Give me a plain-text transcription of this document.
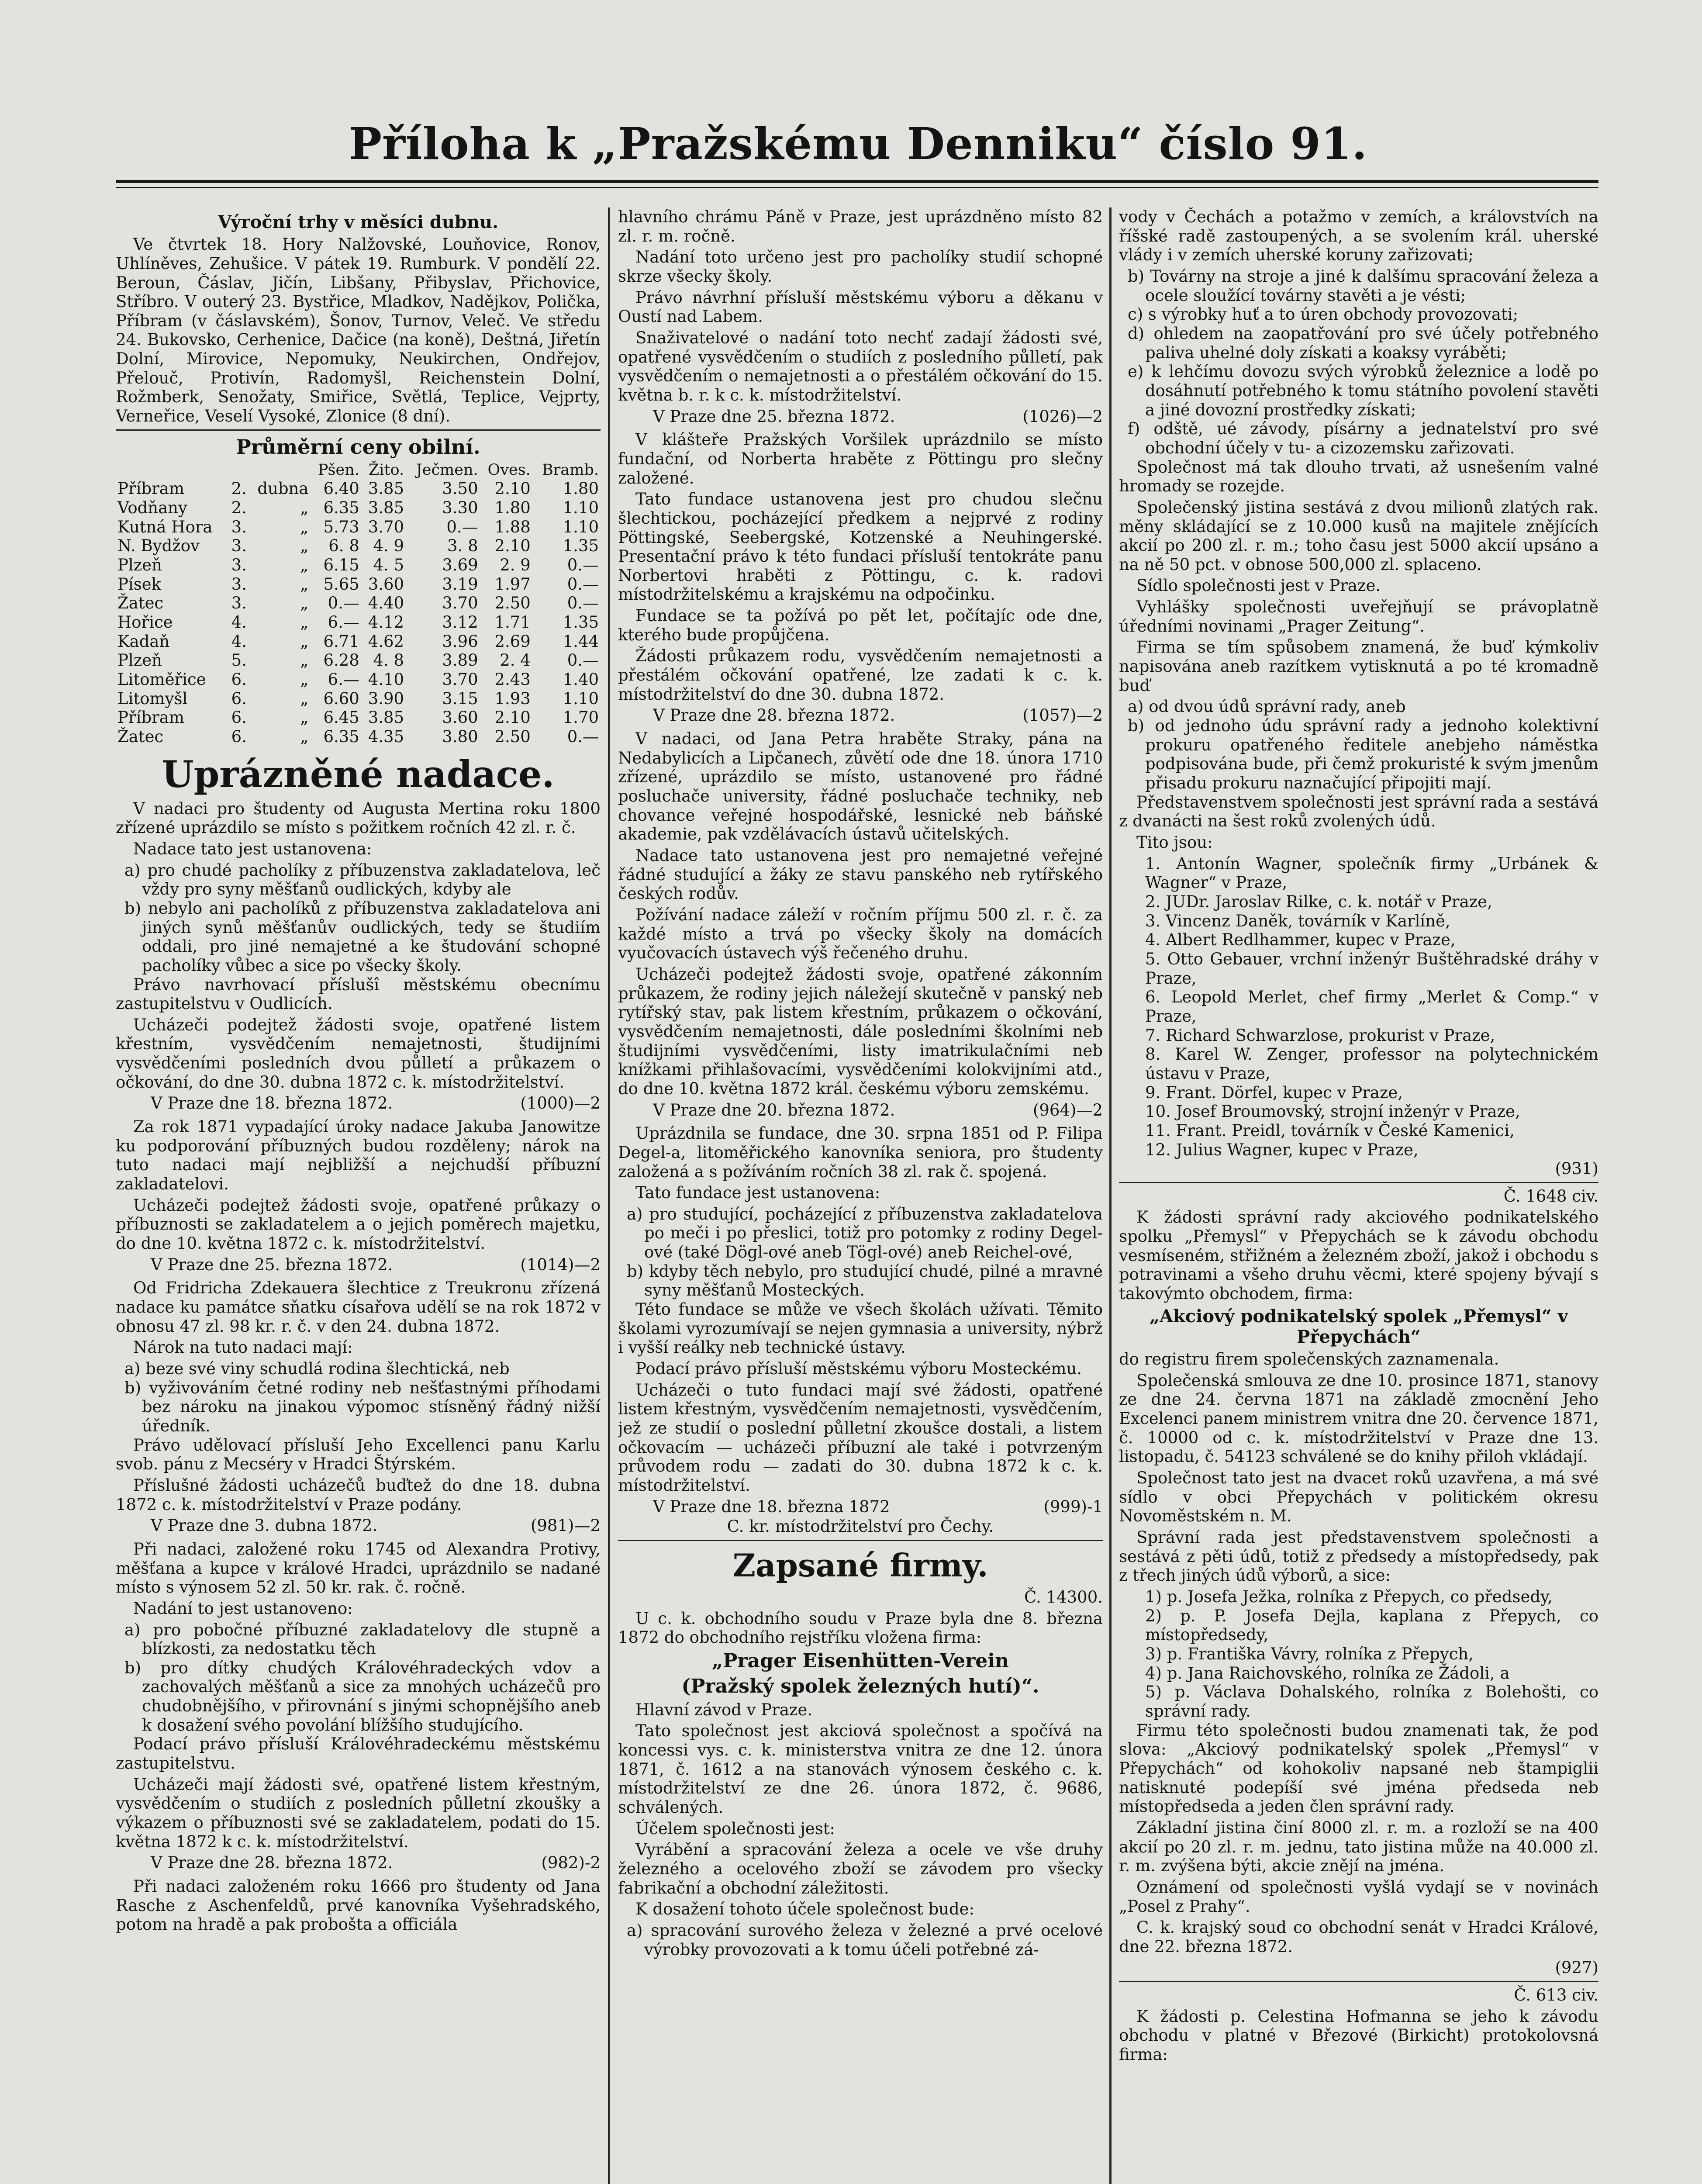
Příloha k „Pražskému Denniku“ číslo 91.
Výroční trhy v měsíci dubnu.

Ve čtvrtek 18. Hory Nalžovské, Louňovice, Ronov, Uhlíněves, Zehušice. V pátek 19. Rumburk. V pondělí 22. Beroun, Čáslav, Jičín, Libšany, Přibyslav, Přichovice, Stříbro. V outerý 23. Bystřice, Mladkov, Nadějkov, Polička, Příbram (v čáslavském), Šonov, Turnov, Veleč. Ve středu 24. Bukovsko, Cerhenice, Dačice (na koně), Deštná, Jiřetín Dolní, Mirovice, Nepomuky, Neukirchen, Ondřejov, Přelouč, Protivín, Radomyšl, Reichenstein Dolní, Rožmberk, Senožaty, Smiřice, Světlá, Teplice, Vejprty, Verneřice, Veselí Vysoké, Zlonice (8 dní).

Průměrní ceny obilní.
			Pšen.	Žito.	Ječmen.	Oves.	Bramb.
Příbram	2.	dubna	6.40	3.85	3.50	2.10	1.80
Vodňany	2.	„	6.35	3.85	3.30	1.80	1.10
Kutná Hora	3.	„	5.73	3.70	0.—	1.88	1.10
N. Bydžov	3.	„	6. 8	4. 9	3. 8	2.10	1.35
Plzeň	3.	„	6.15	4. 5	3.69	2. 9	0.—
Písek	3.	„	5.65	3.60	3.19	1.97	0.—
Žatec	3.	„	0.—	4.40	3.70	2.50	0.—
Hořice	4.	„	6.—	4.12	3.12	1.71	1.35
Kadaň	4.	„	6.71	4.62	3.96	2.69	1.44
Plzeň	5.	„	6.28	4. 8	3.89	2. 4	0.—
Litoměřice	6.	„	6.—	4.10	3.70	2.43	1.40
Litomyšl	6.	„	6.60	3.90	3.15	1.93	1.10
Příbram	6.	„	6.45	3.85	3.60	2.10	1.70
Žatec	6.	„	6.35	4.35	3.80	2.50	0.—
Uprázněné nadace.

V nadaci pro študenty od Augusta Mertina roku 1800 zřízené uprázdilo se místo s požitkem ročních 42 zl. r. č.

Nadace tato jest ustanovena:

a) pro chudé pacholíky z příbuzenstva zakladatelova, leč vždy pro syny měšťanů oudlických, kdyby ale

b) nebylo ani pacholíků z příbuzenstva zakladatelova ani jiných synů měšťanův oudlických, tedy se študiím oddali, pro jiné nemajetné a ke študování schopné pacholíky vůbec a sice po všecky školy.

Právo navrhovací příslušî městskému obecnímu zastupitelstvu v Oudlicích.

Ucházeči podejtež žádosti svoje, opatřené listem křestním, vysvědčením nemajetnosti, študijními vysvědčeními posledních dvou půlletí a průkazem o očkování, do dne 30. dubna 1872 c. k. místodržitelství.

V Praze dne 18. března 1872.	(1000)—2

Za rok 1871 vypadající úroky nadace Jakuba Janowitze ku podporování příbuzných budou rozděleny; nárok na tuto nadaci mají nejbližší a nejchudší příbuzní zakladatelovi.

Ucházeči podejtež žádosti svoje, opatřené průkazy o příbuznosti se zakladatelem a o jejich poměrech majetku, do dne 10. května 1872 c. k. místodržitelství.

V Praze dne 25. března 1872.	(1014)—2

Od Fridricha Zdekauera šlechtice z Treukronu zřízená nadace ku památce sňatku císařova udělí se na rok 1872 v obnosu 47 zl. 98 kr. r. č. v den 24. dubna 1872.

Nárok na tuto nadaci mají:

a) beze své viny schudlá rodina šlechtická, neb

b) vyživováním četné rodiny neb nešťastnými příhodami bez nároku na jinakou výpomoc stísněný řádný nižší úředník.

Právo udělovací přísluší Jeho Excellenci panu Karlu svob. pánu z Mecséry v Hradci Štýrském.

Příslušné žádosti ucházečů buďtež do dne 18. dubna 1872 c. k. místodržitelství v Praze podány.

V Praze dne 3. dubna 1872.	(981)—2

Při nadaci, založené roku 1745 od Alexandra Protivy, měšťana a kupce v králové Hradci, uprázdnilo se nadané místo s výnosem 52 zl. 50 kr. rak. č. ročně.

Nadání to jest ustanoveno:

a) pro pobočné příbuzné zakladatelovy dle stupně a blízkosti, za nedostatku těch

b) pro dítky chudých Královéhradeckých vdov a zachovalých měšťanů a sice za mnohých ucházečů pro chudobnějšího, v přirovnání s jinými schopnějšího aneb k dosažení svého povolání blížšího studujícího.

Podací právo přísluší Královéhradeckému městskému zastupitelstvu.

Ucházeči mají žádosti své, opatřené listem křestným, vysvědčením o studiích z posledních půlletní zkoušky a výkazem o příbuznosti své se zakladatelem, podati do 15. května 1872 k c. k. místodržitelství.

V Praze dne 28. března 1872.	(982)-2

Při nadaci založeném roku 1666 pro študenty od Jana Rasche z Aschenfeldů, prvé kanovníka Vyšehradského, potom na hradě a pak probošta a officiála

hlavního chrámu Páně v Praze, jest uprázdněno místo 82 zl. r. m. ročně.

Nadání toto určeno jest pro pacholíky studií schopné skrze všecky školy.

Právo návrhní přísluší městskému výboru a děkanu v Oustí nad Labem.

Snaživatelové o nadání toto nechť zadají žádosti své, opatřené vysvědčením o studiích z posledního půlletí, pak vysvědčením o nemajetnosti a o přestálém očkování do 15. května b. r. k c. k. místodržitelství.

V Praze dne 25. března 1872.	(1026)—2

V klášteře Pražských Voršilek uprázdnilo se místo fundační, od Norberta hraběte z Pöttingu pro slečny založené.

Tato fundace ustanovena jest pro chudou slečnu šlechtickou, pocházející předkem a nejprvé z rodiny Pöttingské, Seebergské, Kotzenské a Neuhingerské. Presentační právo k této fundaci přísluší tentokráte panu Norbertovi hraběti z Pöttingu, c. k. radovi místodržitelskému a krajskému na odpočinku.

Fundace se ta požívá po pět let, počítajíc ode dne, kterého bude propůjčena.

Žádosti průkazem rodu, vysvědčením nemajetnosti a přestálém očkování opatřené, lze zadati k c. k. místodržitelství do dne 30. dubna 1872.

V Praze dne 28. března 1872.	(1057)—2

V nadaci, od Jana Petra hraběte Straky, pána na Nedabylicích a Lipčanech, zůvětí ode dne 18. února 1710 zřízené, uprázdilo se místo, ustanovené pro řádné posluchače university, řádné posluchače techniky, neb chovance veřejné hospodářské, lesnické neb báňské akademie, pak vzdělávacích ústavů učitelských.

Nadace tato ustanovena jest pro nemajetné veřejné řádné studující a žáky ze stavu panského neb rytířského českých rodův.

Požívání nadace záleží v ročním příjmu 500 zl. r. č. za každé místo a trvá po všecky školy na domácích vyučovacích ústavech výš řečeného druhu.

Ucházeči podejtež žádosti svoje, opatřené zákonním průkazem, že rodiny jejich náležejí skutečně v panský neb rytířský stav, pak listem křestním, průkazem o očkování, vysvědčením nemajetnosti, dále posledními školními neb študijními vysvědčeními, listy imatrikulačními neb knížkami přihlašovacími, vysvědčeními kolokvijními atd., do dne 10. května 1872 král. českému výboru zemskému.

V Praze dne 20. března 1872.	(964)—2

Uprázdnila se fundace, dne 30. srpna 1851 od P. Filipa Degel-a, litoměřického kanovníka seniora, pro študenty založená a s požíváním ročních 38 zl. rak č. spojená.

Tato fundace jest ustanovena:

a) pro studující, pocházející z příbuzenstva zakladatelova po meči i po přeslici, totiž pro potomky z rodiny Degel-ové (také Dögl-ové aneb Tögl-ové) aneb Reichel-ové,

b) kdyby těch nebylo, pro studující chudé, pilné a mravné syny měšťanů Mosteckých.

Této fundace se může ve všech školách užívati. Těmito školami vyrozumívají se nejen gymnasia a university, nýbrž i vyšší reálky neb technické ústavy.

Podací právo přísluší městskému výboru Mosteckému.

Ucházeči o tuto fundaci mají své žádosti, opatřené listem křestným, vysvědčením nemajetnosti, vysvědčením, jež ze studií o poslední půlletní zkoušce dostali, a listem očkovacím — ucházeči příbuzní ale také i potvrzeným průvodem rodu — zadati do 30. dubna 1872 k c. k. místodržitelství.

V Praze dne 18. března 1872	(999)-1

C. kr. místodržitelství pro Čechy.

Zapsané firmy.

Č. 14300.

U c. k. obchodního soudu v Praze byla dne 8. března 1872 do obchodního rejstříku vložena firma:

„Prager Eisenhütten-Verein
(Pražský spolek železných hutí)“.

Hlavní závod v Praze.

Tato společnost jest akciová společnost a spočívá na koncessi vys. c. k. ministerstva vnitra ze dne 12. února 1871, č. 1612 a na stanovách výnosem českého c. k. místodržitelství ze dne 26. února 1872, č. 9686, schválených.

Účelem společnosti jest:

Vyrábění a spracování železa a ocele ve vše druhy železného a ocelového zboží se závodem pro všecky fabrikační a obchodní záležitosti.

K dosažení tohoto účele společnost bude:

a) spracování surového železa v železné a prvé ocelové výrobky provozovati a k tomu účeli potřebné zá-

vody v Čechách a potažmo v zemích, a královstvích na říšské radě zastoupených, a se svolením král. uherské vlády i v zemích uherské koruny zařizovati;

b) Továrny na stroje a jiné k dalšímu spracování železa a ocele sloužící továrny stavěti a je vésti;

c) s výrobky huť a to úren obchody provozovati;

d) ohledem na zaopatřování pro své účely potřebného paliva uhelné doly získati a koaksy vyráběti;

e) k lehčímu dovozu svých výrobků železnice a lodě po dosáhnutí potřebného k tomu státního povolení stavěti a jiné dovozní prostředky získati;

f) odště, ué závody, písárny a jednatelství pro své obchodní účely v tu- a cizozemsku zařizovati.

Společnost má tak dlouho trvati, až usnešením valné hromady se rozejde.

Společenský jistina sestává z dvou milionů zlatých rak. měny skládající se z 10.000 kusů na majitele znějících akcií po 200 zl. r. m.; toho času jest 5000 akcií upsáno a na ně 50 pct. v obnose 500,000 zl. splaceno.

Sídlo společnosti jest v Praze.

Vyhlášky společnosti uveřejňují se právoplatně úředními novinami „Prager Zeitung“.

Firma se tím spůsobem znamená, že buď kýmkoliv napisována aneb razítkem vytisknutá a po té kromadně buď

a) od dvou údů správní rady, aneb

b) od jednoho údu správní rady a jednoho kolektivní prokuru opatřeného ředitele anebjeho náměstka podpisována bude, při čemž prokuristé k svým jmenům přisadu prokuru naznačující připojiti mají.

Představenstvem společnosti jest správní rada a sestává z dvanácti na šest roků zvolených údů.

Tito jsou:

1. Antonín Wagner, společník firmy „Urbánek & Wagner“ v Praze,

2. JUDr. Jaroslav Rilke, c. k. notář v Praze,

3. Vincenz Daněk, továrník v Karlíně,

4. Albert Redlhammer, kupec v Praze,

5. Otto Gebauer, vrchní inženýr Buštěhradské dráhy v Praze,

6. Leopold Merlet, chef firmy „Merlet & Comp.“ v Praze,

7. Richard Schwarzlose, prokurist v Praze,

8. Karel W. Zenger, professor na polytechnickém ústavu v Praze,

9. Frant. Dörfel, kupec v Praze,

10. Josef Broumovský, strojní inženýr v Praze,

11. Frant. Preidl, továrník v České Kamenici,

12. Julius Wagner, kupec v Praze,

(931)

Č. 1648 civ.

K žádosti správní rady akciového podnikatelského spolku „Přemysl“ v Přepychách se k závodu obchodu vesmíseném, střižném a železném zboží, jakož i obchodu s potravinami a všeho druhu věcmi, které spojeny bývají s takovýmto obchodem, firma:

„Akciový podnikatelský spolek „Přemysl“ v Přepychách“

do registru firem společenských zaznamenala.

Společenská smlouva ze dne 10. prosince 1871, stanovy ze dne 24. června 1871 na základě zmocnění Jeho Excelenci panem ministrem vnitra dne 20. července 1871, č. 10000 od c. k. místodržitelství v Praze dne 13. listopadu, č. 54123 schválené se do knihy přiloh vkládají.

Společnost tato jest na dvacet roků uzavřena, a má své sídlo v obci Přepychách v politickém okresu Novoměstském n. M.

Správní rada jest představenstvem společnosti a sestává z pěti údů, totiž z předsedy a místopředsedy, pak z třech jiných údů výborů, a sice:

1) p. Josefa Ježka, rolníka z Přepych, co předsedy,

2) p. P. Josefa Dejla, kaplana z Přepych, co místopředsedy,

3) p. Františka Vávry, rolníka z Přepych,

4) p. Jana Raichovského, rolníka ze Žádoli, a

5) p. Václava Dohalského, rolníka z Bolehošti, co správní rady.

Firmu této společnosti budou znamenati tak, že pod slova: „Akciový podnikatelský spolek „Přemysl“ v Přepychách“ od kohokoliv napsané neb štampiglii natisknuté podepíší své jména předseda neb místopředseda a jeden člen správní rady.

Základní jistina činí 8000 zl. r. m. a rozloží se na 400 akcií po 20 zl. r. m. jednu, tato jistina může na 40.000 zl. r. m. zvýšena býti, akcie znějí na jména.

Oznámení od společnosti vyšlá vydají se v novinách „Posel z Prahy“.

C. k. krajský soud co obchodní senát v Hradci Králové, dne 22. března 1872.

(927)

Č. 613 civ.

K žádosti p. Celestina Hofmanna se jeho k závodu obchodu v platné v Březové (Birkicht) protokolovsná firma:
